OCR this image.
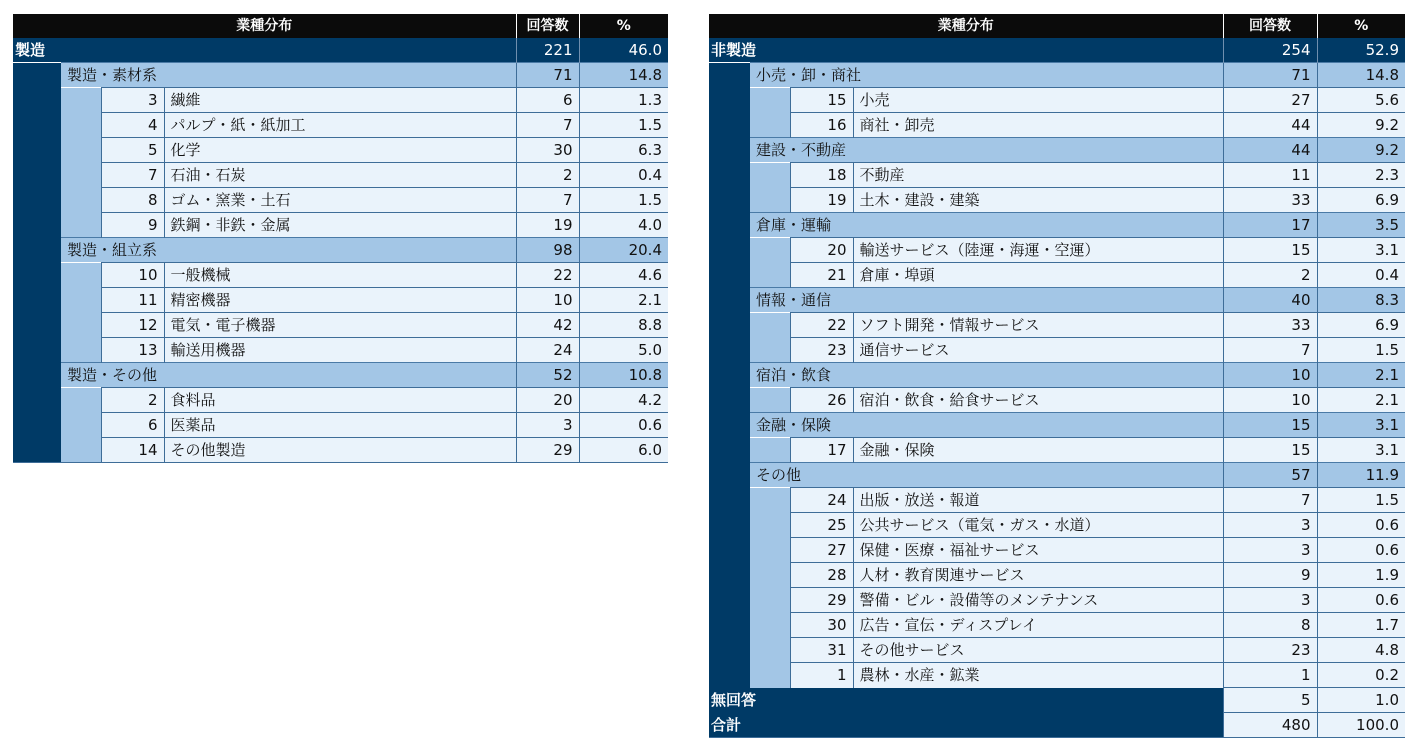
業種分布				回答数	%
製造				221	46.0
	製造・素材系			71	14.8
		3	繊維	6	1.3
		4	パルプ・紙・紙加工	7	1.5
		5	化学	30	6.3
		7	石油・石炭	2	0.4
		8	ゴム・窯業・土石	7	1.5
		9	鉄鋼・非鉄・金属	19	4.0
	製造・組立系			98	20.4
		10	一般機械	22	4.6
		11	精密機器	10	2.1
		12	電気・電子機器	42	8.8
		13	輸送用機器	24	5.0
	製造・その他			52	10.8
		2	食料品	20	4.2
		6	医薬品	3	0.6
		14	その他製造	29	6.0
業種分布				回答数	%
非製造				254	52.9
	小売・卸・商社			71	14.8
		15	小売	27	5.6
		16	商社・卸売	44	9.2
	建設・不動産			44	9.2
		18	不動産	11	2.3
		19	土木・建設・建築	33	6.9
	倉庫・運輸			17	3.5
		20	輸送サービス（陸運・海運・空運）	15	3.1
		21	倉庫・埠頭	2	0.4
	情報・通信			40	8.3
		22	ソフト開発・情報サービス	33	6.9
		23	通信サービス	7	1.5
	宿泊・飲食			10	2.1
		26	宿泊・飲食・給食サービス	10	2.1
	金融・保険			15	3.1
		17	金融・保険	15	3.1
	その他			57	11.9
		24	出版・放送・報道	7	1.5
		25	公共サービス（電気・ガス・水道）	3	0.6
		27	保健・医療・福祉サービス	3	0.6
		28	人材・教育関連サービス	9	1.9
		29	警備・ビル・設備等のメンテナンス	3	0.6
		30	広告・宣伝・ディスプレイ	8	1.7
		31	その他サービス	23	4.8
		1	農林・水産・鉱業	1	0.2
無回答				5	1.0
合計				480	100.0
